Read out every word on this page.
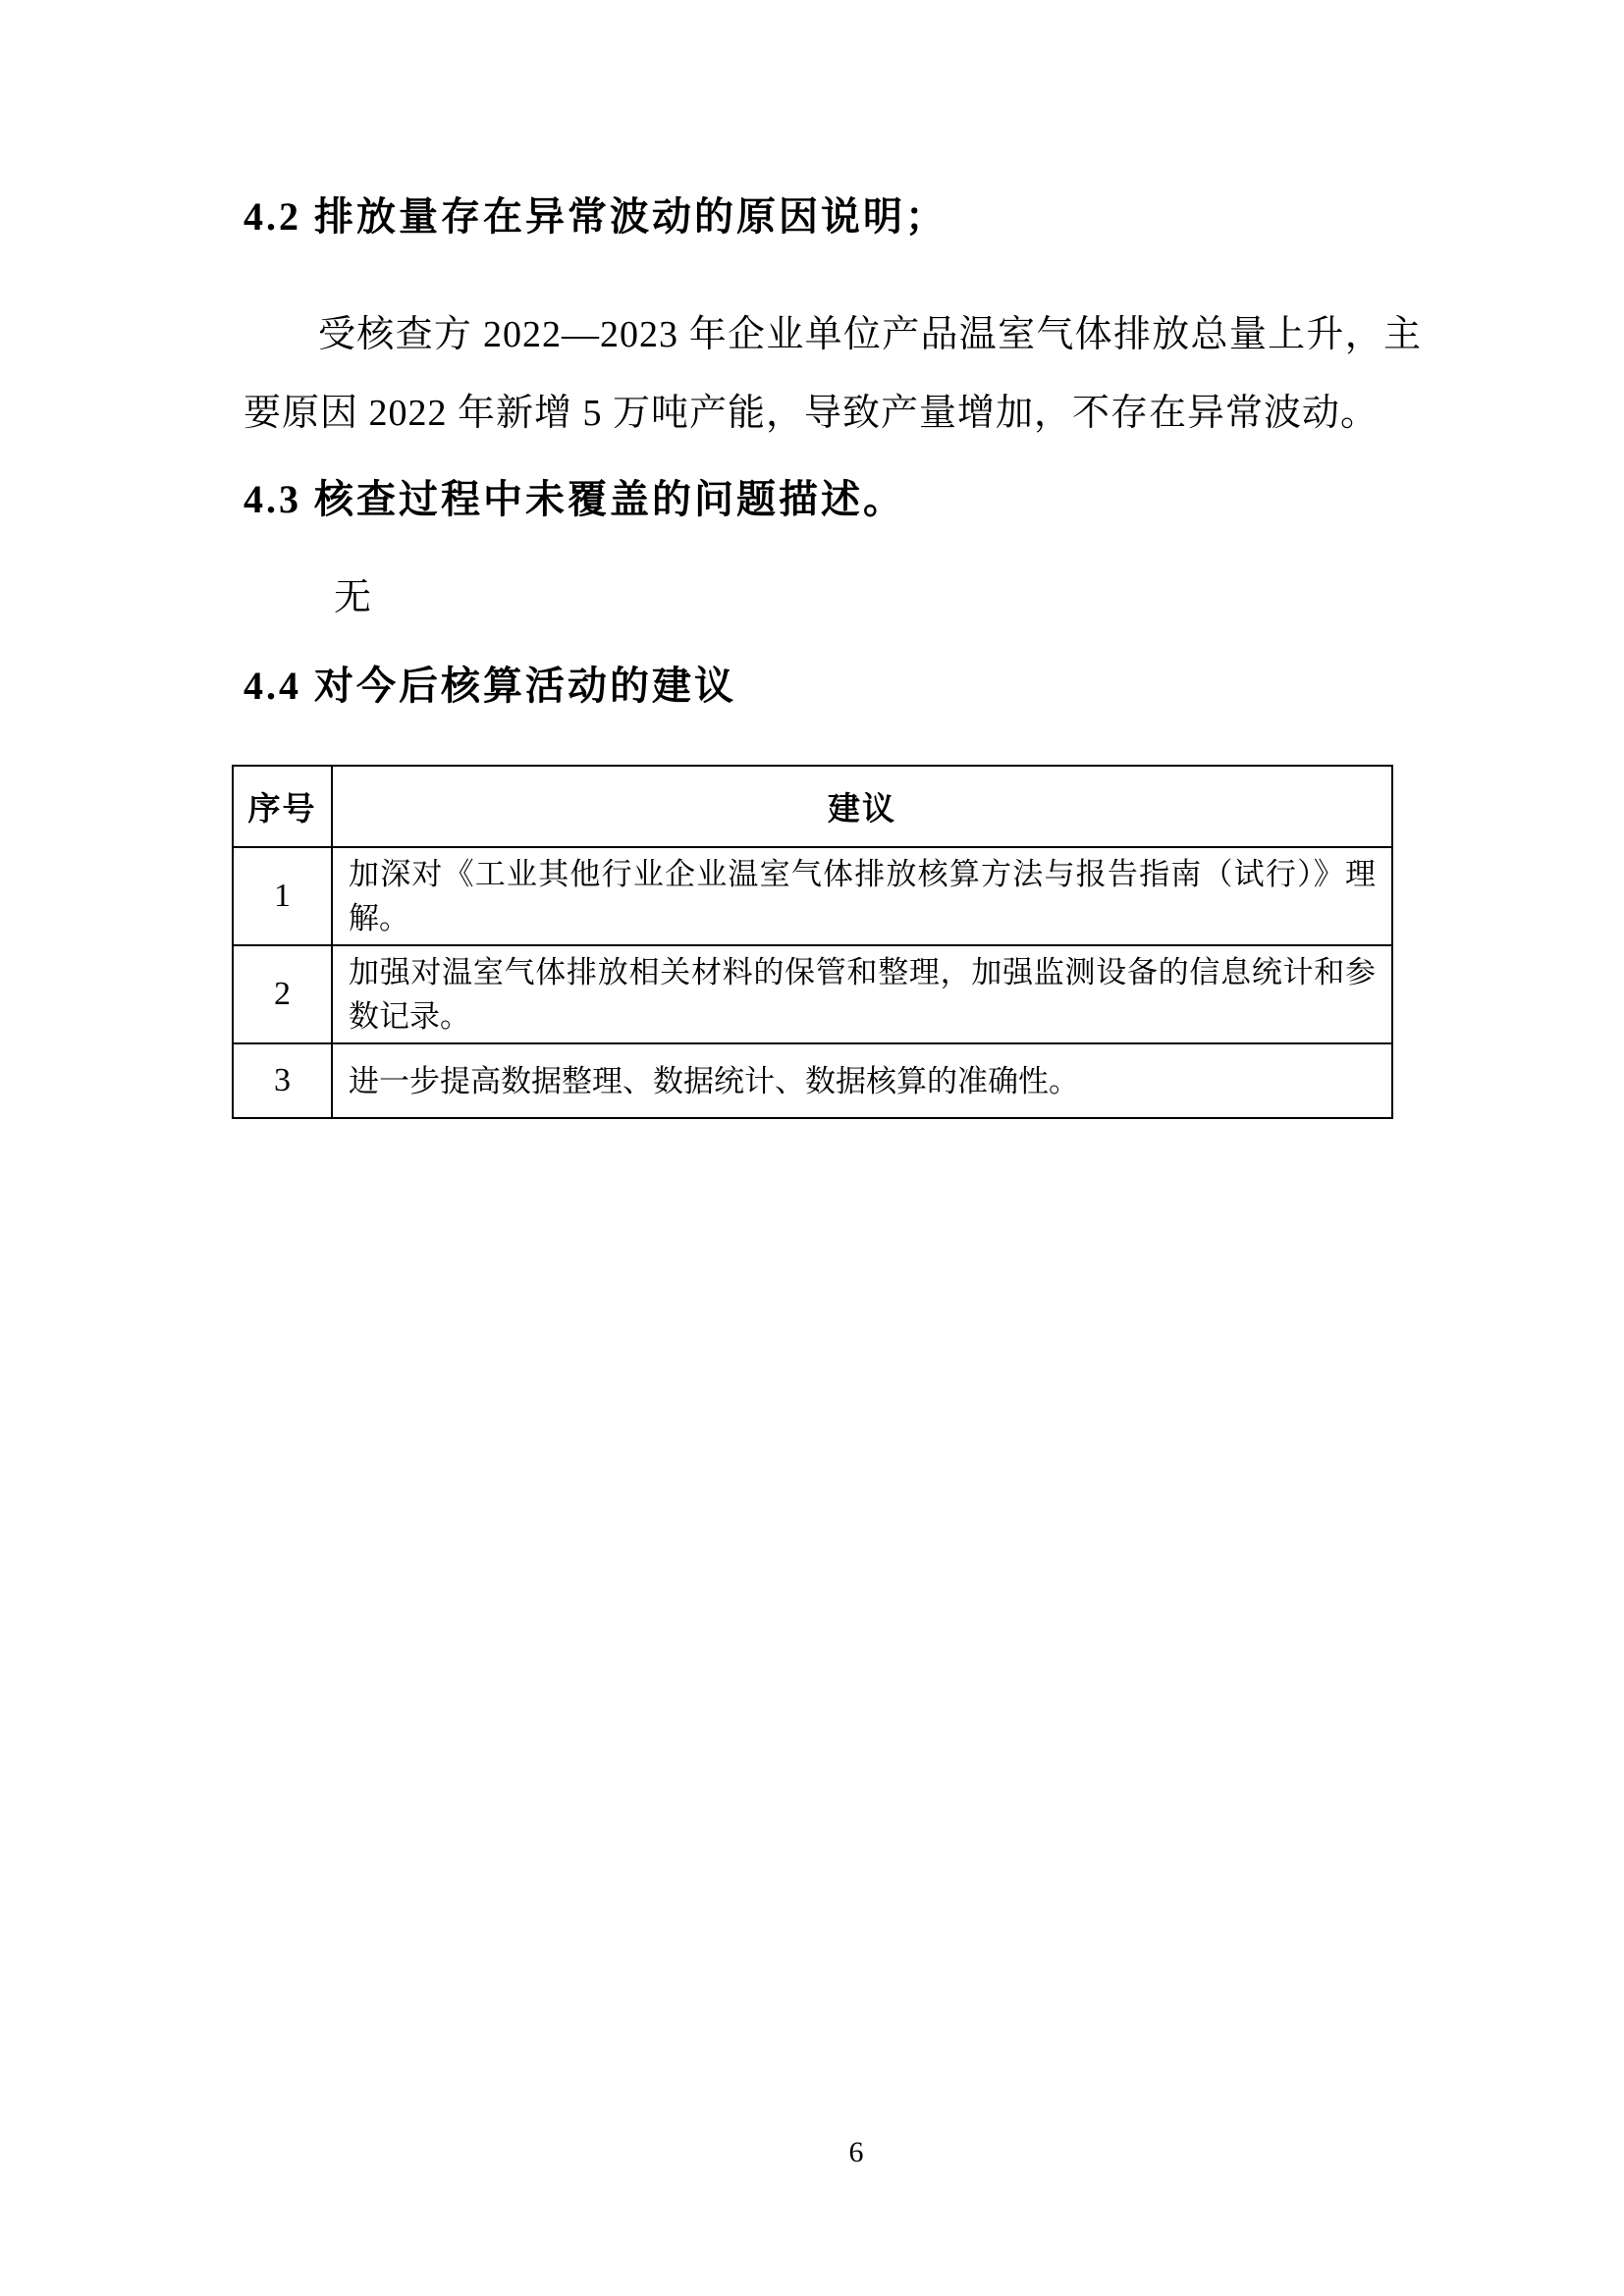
4.2 排放量存在异常波动的原因说明；

受核查方 2022—2023 年企业单位产品温室气体排放总量上升，主要原因 2022 年新增 5 万吨产能，导致产量增加，不存在异常波动。

4.3 核查过程中未覆盖的问题描述。

无

4.4 对今后核算活动的建议
序号	建议
1	加深对《工业其他行业企业温室气体排放核算方法与报告指南（试行）》理解。
2	加强对温室气体排放相关材料的保管和整理，加强监测设备的信息统计和参数记录。
3	进一步提高数据整理、数据统计、数据核算的准确性。
6
